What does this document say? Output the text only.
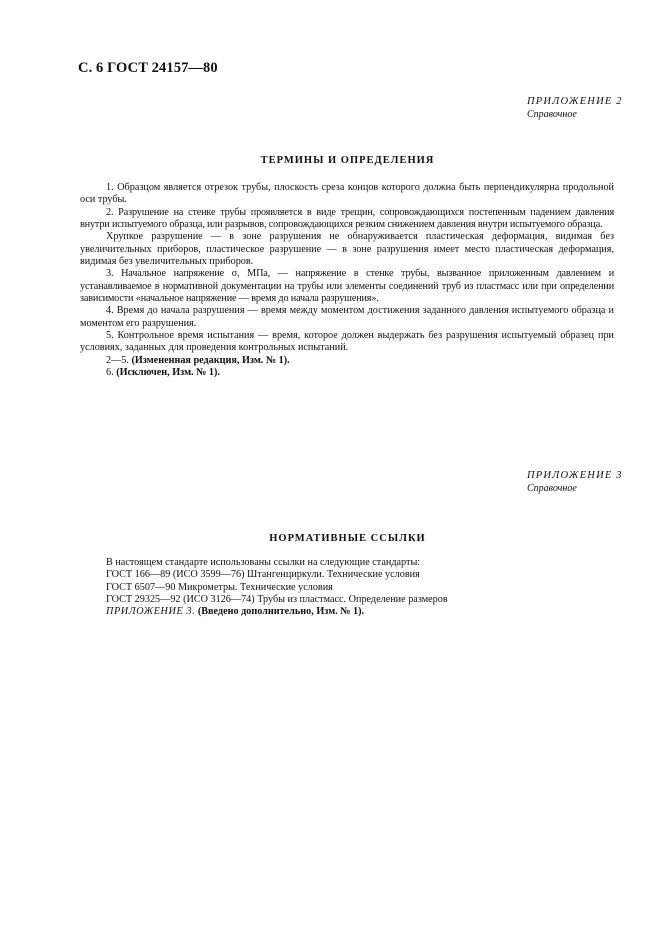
С. 6 ГОСТ 24157—80
ПРИЛОЖЕНИЕ 2
Справочное
ТЕРМИНЫ И ОПРЕДЕЛЕНИЯ

1. Образцом является отрезок трубы, плоскость среза концов которого должна быть перпендикулярна продольной оси трубы.

2. Разрушение на стенке трубы проявляется в виде трещин, сопровождающихся постепенным падением давления внутри испытуемого образца, или разрывов, сопровождающихся резким снижением давления внутри испытуемого образца.

Хрупкое разрушение — в зоне разрушения не обнаруживается пластическая деформация, видимая без увеличительных приборов, пластическое разрушение — в зоне разрушения имеет место пластическая деформация, видимая без увеличительных приборов.

3. Начальное напряжение σ, МПа, — напряжение в стенке трубы, вызванное приложенным давлением и устанавливаемое в нормативной документации на трубы или элементы соединений труб из пластмасс или при определении зависимости «начальное напряжение — время до начала разрушения».

4. Время до начала разрушения — время между моментом достижения заданного давления испытуемого образца и моментом его разрушения.

5. Контрольное время испытания — время, которое должен выдержать без разрушения испытуемый образец при условиях, заданных для проведения контрольных испытаний.

2—5. (Измененная редакция, Изм. № 1).

6. (Исключен, Изм. № 1).

ПРИЛОЖЕНИЕ 3
Справочное
НОРМАТИВНЫЕ ССЫЛКИ

В настоящем стандарте использованы ссылки на следующие стандарты:

ГОСТ 166—89 (ИСО 3599—76) Штангенциркули. Технические условия

ГОСТ 6507—90 Микрометры. Технические условия

ГОСТ 29325—92 (ИСО 3126—74) Трубы из пластмасс. Определение размеров

ПРИЛОЖЕНИЕ 3. (Введено дополнительно, Изм. № 1).
